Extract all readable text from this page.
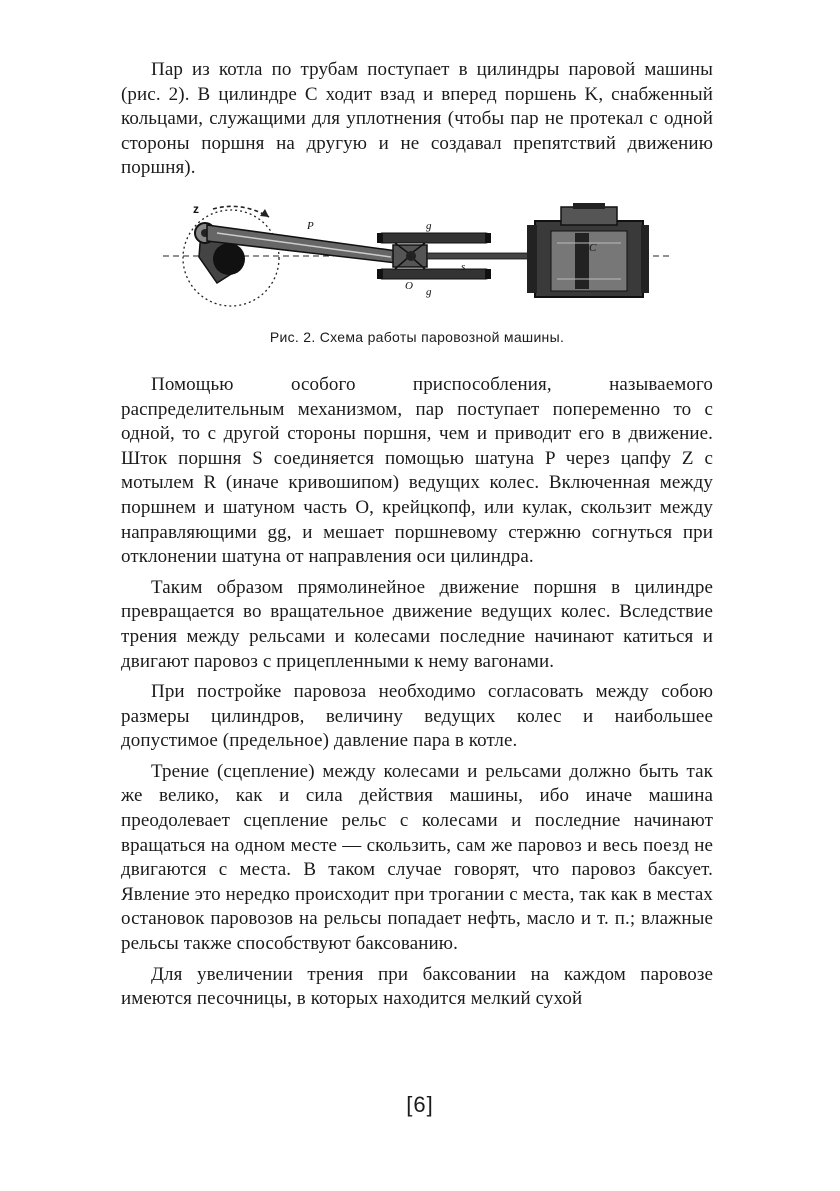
Пар из котла по трубам поступает в цилиндры паровой машины (рис. 2). В цилиндре C ходит взад и вперед поршень K, снабженный кольцами, служащими для уплотнения (чтобы пар не протекал с одной стороны поршня на другую и не создавал препятствий движению поршня).

z
P	g
s
O g
C

Рис. 2. Схема работы паровозной машины.

Помощью особого приспособления, называемого распределительным механизмом, пар поступает попеременно то с одной, то с другой стороны поршня, чем и приводит его в движение. Шток поршня S соединяется помощью шатуна P через цапфу Z с мотылем R (иначе кривошипом) ведущих колес. Включенная между поршнем и шатуном часть O, крейцкопф, или кулак, скользит между направляющими gg, и мешает поршневому стержню согнуться при отклонении шатуна от направления оси цилиндра.

Таким образом прямолинейное движение поршня в цилиндре превращается во вращательное движение ведущих колес. Вследствие трения между рельсами и колесами последние начинают катиться и двигают паровоз с прицепленными к нему вагонами.

При постройке паровоза необходимо согласовать между собою размеры цилиндров, величину ведущих колес и наибольшее допустимое (предельное) давление пара в котле.

Трение (сцепление) между колесами и рельсами должно быть так же велико, как и сила действия машины, ибо иначе машина преодолевает сцепление рельс с колесами и последние начинают вращаться на одном месте — скользить, сам же паровоз и весь поезд не двигаются с места. В таком случае говорят, что паровоз баксует. Явление это нередко происходит при трогании с места, так как в местах остановок паровозов на рельсы попадает нефть, масло и т. п.; влажные рельсы также способствуют баксованию.

Для увеличении трения при баксовании на каждом паровозе имеются песочницы, в которых находится мелкий сухой

[6]
